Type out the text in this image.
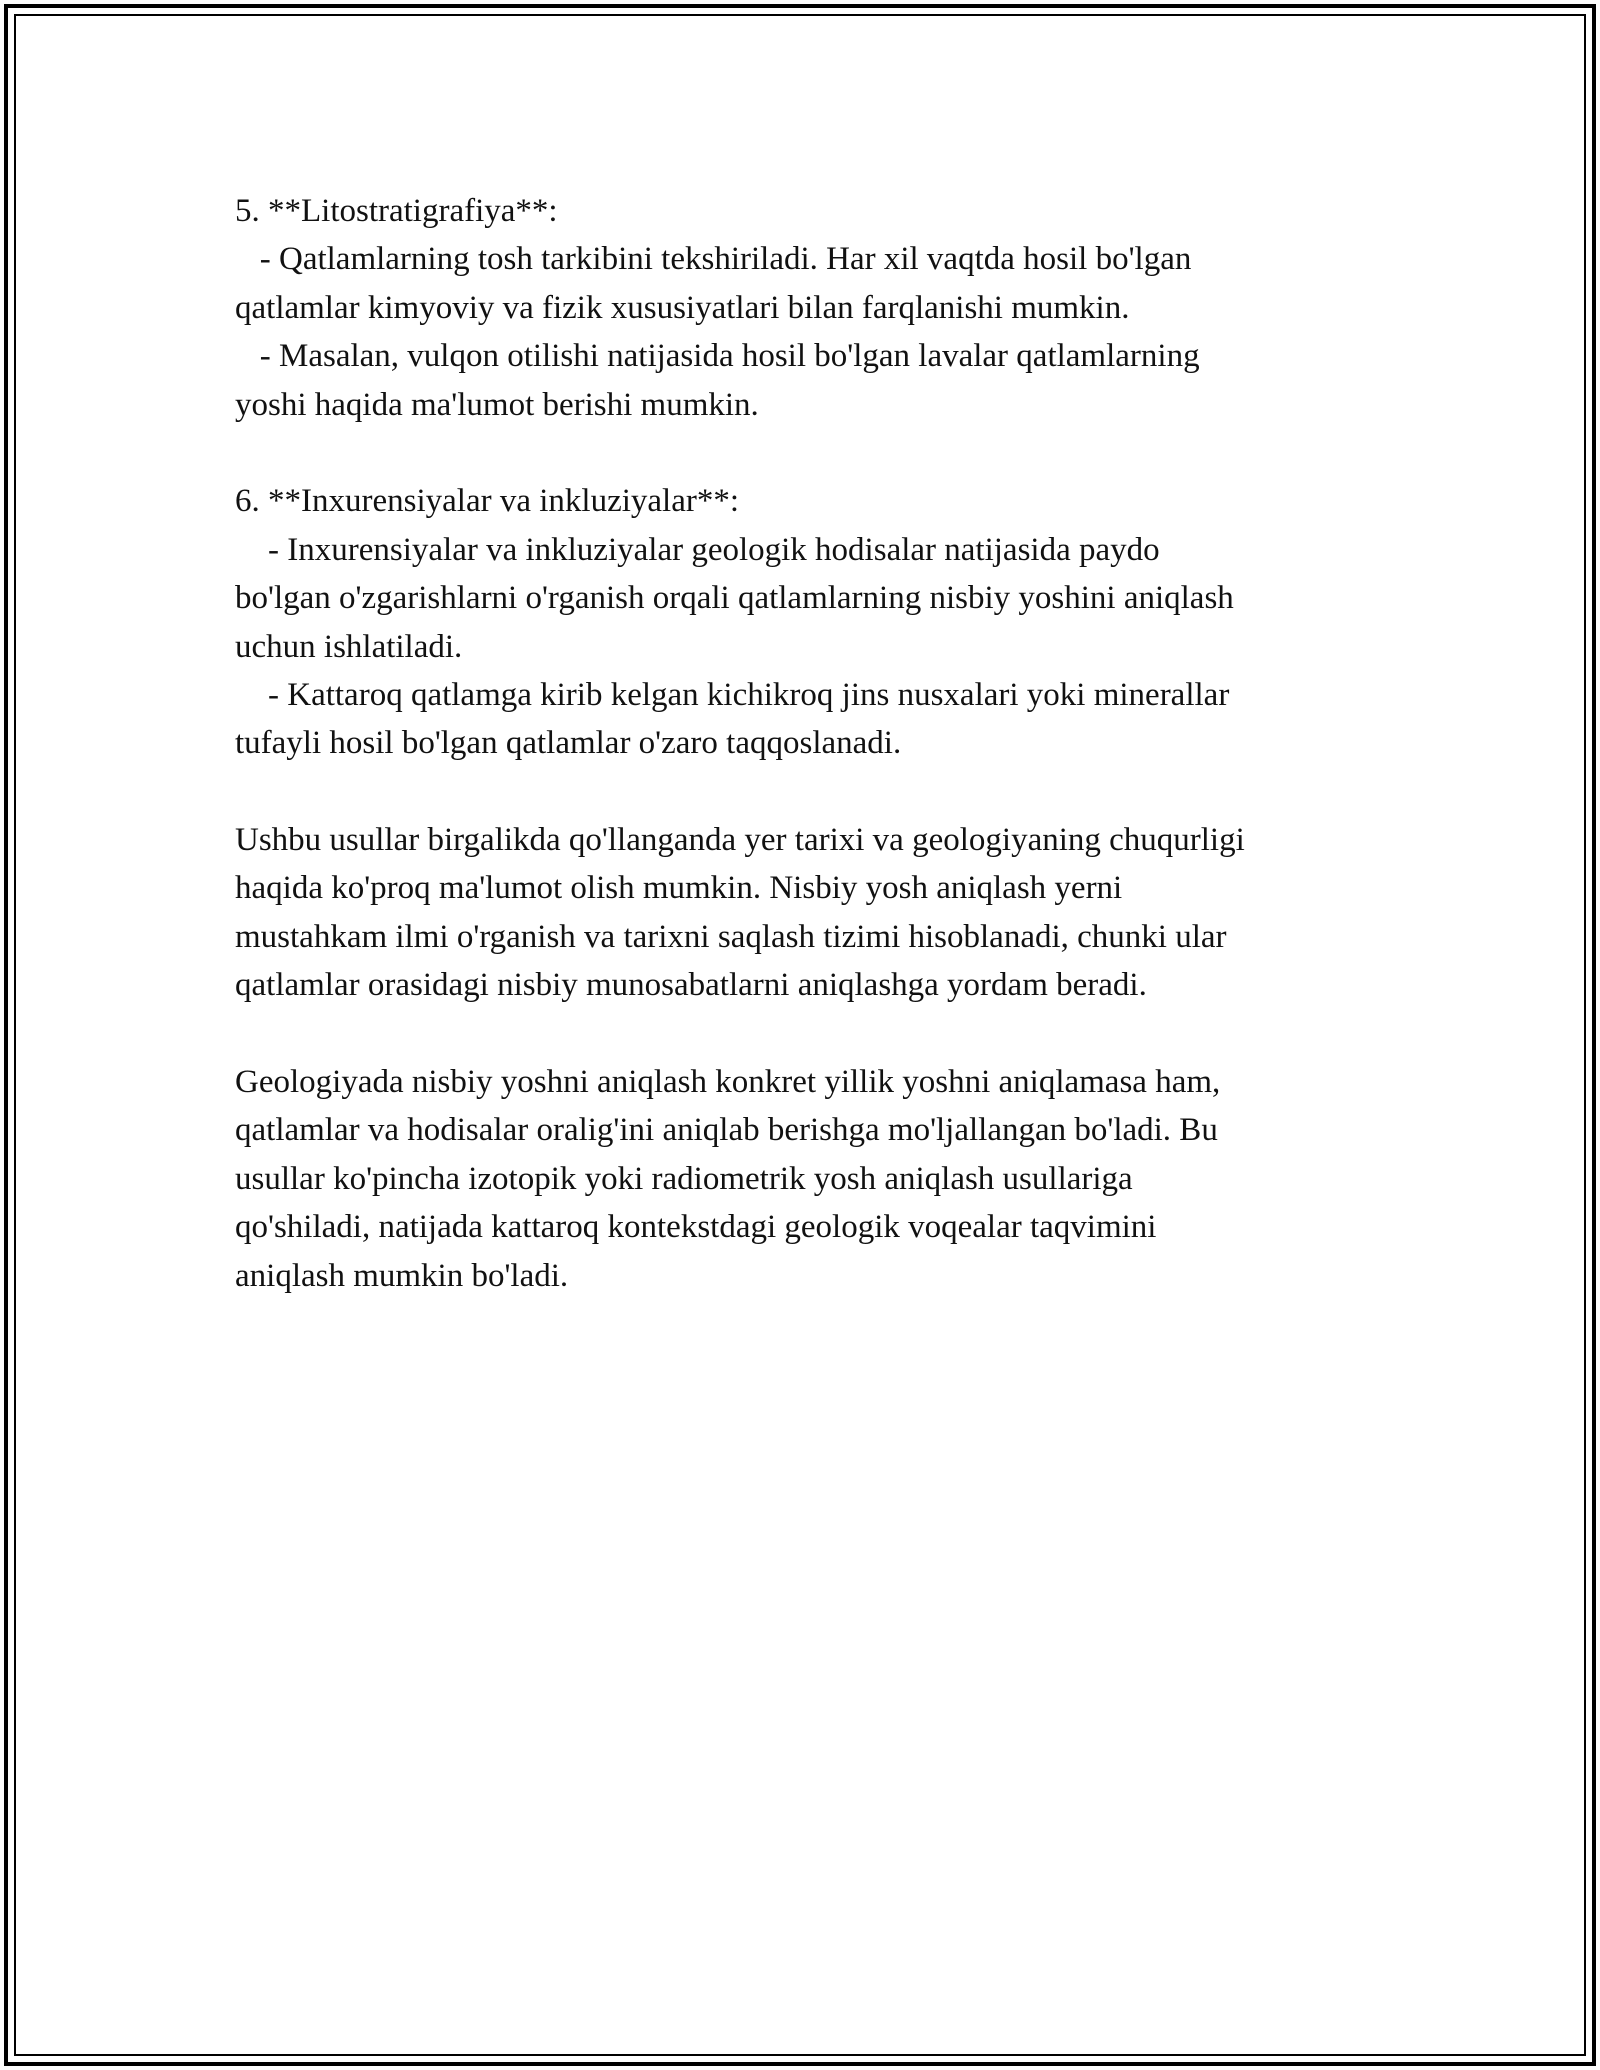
5. **Litostratigrafiya**:
- Qatlamlarning tosh tarkibini tekshiriladi. Har xil vaqtda hosil bo'lgan
qatlamlar kimyoviy va fizik xususiyatlari bilan farqlanishi mumkin.
- Masalan, vulqon otilishi natijasida hosil bo'lgan lavalar qatlamlarning
yoshi haqida ma'lumot berishi mumkin.
6. **Inxurensiyalar va inkluziyalar**:
- Inxurensiyalar va inkluziyalar geologik hodisalar natijasida paydo
bo'lgan o'zgarishlarni o'rganish orqali qatlamlarning nisbiy yoshini aniqlash
uchun ishlatiladi.
- Kattaroq qatlamga kirib kelgan kichikroq jins nusxalari yoki minerallar
tufayli hosil bo'lgan qatlamlar o'zaro taqqoslanadi.
Ushbu usullar birgalikda qo'llanganda yer tarixi va geologiyaning chuqurligi
haqida ko'proq ma'lumot olish mumkin. Nisbiy yosh aniqlash yerni
mustahkam ilmi o'rganish va tarixni saqlash tizimi hisoblanadi, chunki ular
qatlamlar orasidagi nisbiy munosabatlarni aniqlashga yordam beradi.
Geologiyada nisbiy yoshni aniqlash konkret yillik yoshni aniqlamasa ham,
qatlamlar va hodisalar oralig'ini aniqlab berishga mo'ljallangan bo'ladi. Bu
usullar ko'pincha izotopik yoki radiometrik yosh aniqlash usullariga
qo'shiladi, natijada kattaroq kontekstdagi geologik voqealar taqvimini
aniqlash mumkin bo'ladi.
